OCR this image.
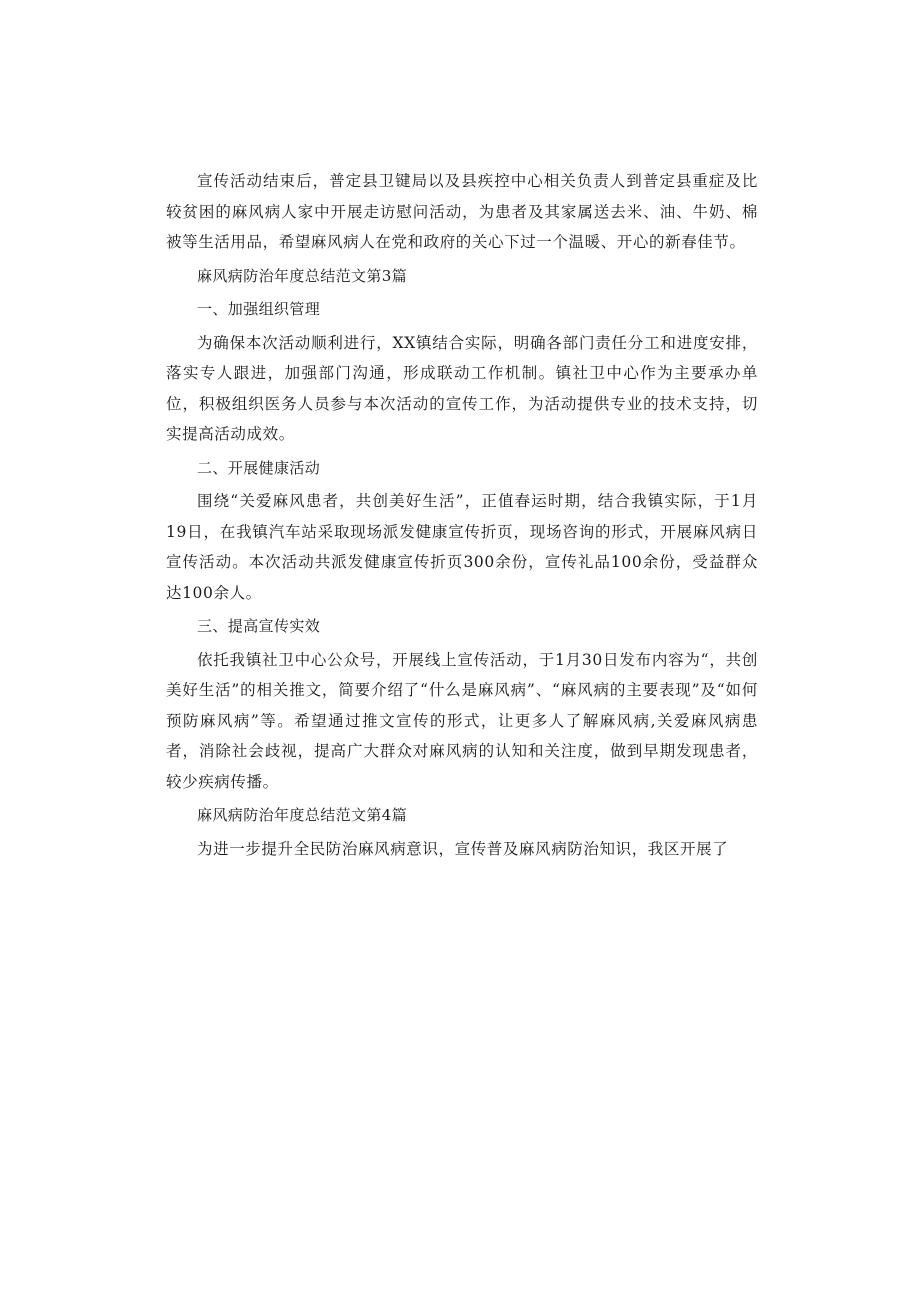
宣传活动结束后，普定县卫键局以及县疾控中心相关负责人到普定县重症及比较贫困的麻风病人家中开展走访慰问活动，为患者及其家属送去米、油、牛奶、棉被等生活用品，希望麻风病人在党和政府的关心下过一个温暖、开心的新春佳节。

麻风病防治年度总结范文第3篇

一、加强组织管理

为确保本次活动顺利进行，XX镇结合实际，明确各部门责任分工和进度安排，落实专人跟进，加强部门沟通，形成联动工作机制。镇社卫中心作为主要承办单位，积极组织医务人员参与本次活动的宣传工作，为活动提供专业的技术支持，切实提高活动成效。

二、开展健康活动

围绕“关爱麻风患者，共创美好生活”，正值春运时期，结合我镇实际，于1月19日，在我镇汽车站采取现场派发健康宣传折页，现场咨询的形式，开展麻风病日宣传活动。本次活动共派发健康宣传折页300余份，宣传礼品100余份，受益群众达100余人。

三、提高宣传实效

依托我镇社卫中心公众号，开展线上宣传活动，于1月30日发布内容为“，共创美好生活”的相关推文，简要介绍了“什么是麻风病”、“麻风病的主要表现”及“如何预防麻风病”等。希望通过推文宣传的形式，让更多人了解麻风病,关爱麻风病患者，消除社会歧视，提高广大群众对麻风病的认知和关注度，做到早期发现患者，较少疾病传播。

麻风病防治年度总结范文第4篇

为进一步提升全民防治麻风病意识，宣传普及麻风病防治知识，我区开展了
